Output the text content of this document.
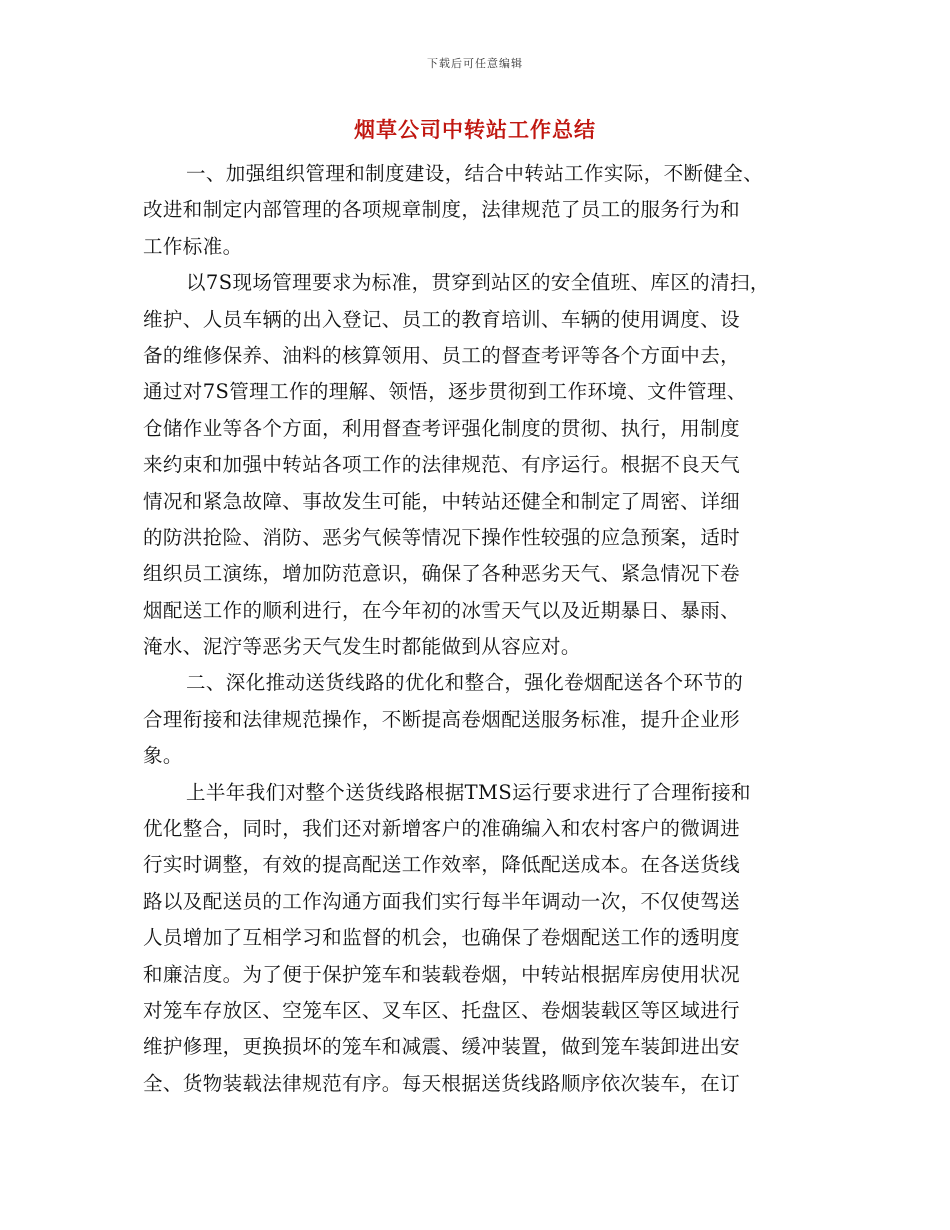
下载后可任意编辑
烟草公司中转站工作总结
一、加强组织管理和制度建设，结合中转站工作实际，不断健全、
改进和制定内部管理的各项规章制度，法律规范了员工的服务行为和
工作标准。
以7S现场管理要求为标准，贯穿到站区的安全值班、库区的清扫，
维护、人员车辆的出入登记、员工的教育培训、车辆的使用调度、设
备的维修保养、油料的核算领用、员工的督查考评等各个方面中去，
通过对7S管理工作的理解、领悟，逐步贯彻到工作环境、文件管理、
仓储作业等各个方面，利用督查考评强化制度的贯彻、执行，用制度
来约束和加强中转站各项工作的法律规范、有序运行。根据不良天气
情况和紧急故障、事故发生可能，中转站还健全和制定了周密、详细
的防洪抢险、消防、恶劣气候等情况下操作性较强的应急预案，适时
组织员工演练，增加防范意识，确保了各种恶劣天气、紧急情况下卷
烟配送工作的顺利进行，在今年初的冰雪天气以及近期暴日、暴雨、
淹水、泥泞等恶劣天气发生时都能做到从容应对。
二、深化推动送货线路的优化和整合，强化卷烟配送各个环节的
合理衔接和法律规范操作，不断提高卷烟配送服务标准，提升企业形
象。
上半年我们对整个送货线路根据TMS运行要求进行了合理衔接和
优化整合，同时，我们还对新增客户的准确编入和农村客户的微调进
行实时调整，有效的提高配送工作效率，降低配送成本。在各送货线
路以及配送员的工作沟通方面我们实行每半年调动一次，不仅使驾送
人员增加了互相学习和监督的机会，也确保了卷烟配送工作的透明度
和廉洁度。为了便于保护笼车和装载卷烟，中转站根据库房使用状况
对笼车存放区、空笼车区、叉车区、托盘区、卷烟装载区等区域进行
维护修理，更换损坏的笼车和减震、缓冲装置，做到笼车装卸进出安
全、货物装载法律规范有序。每天根据送货线路顺序依次装车，在订
